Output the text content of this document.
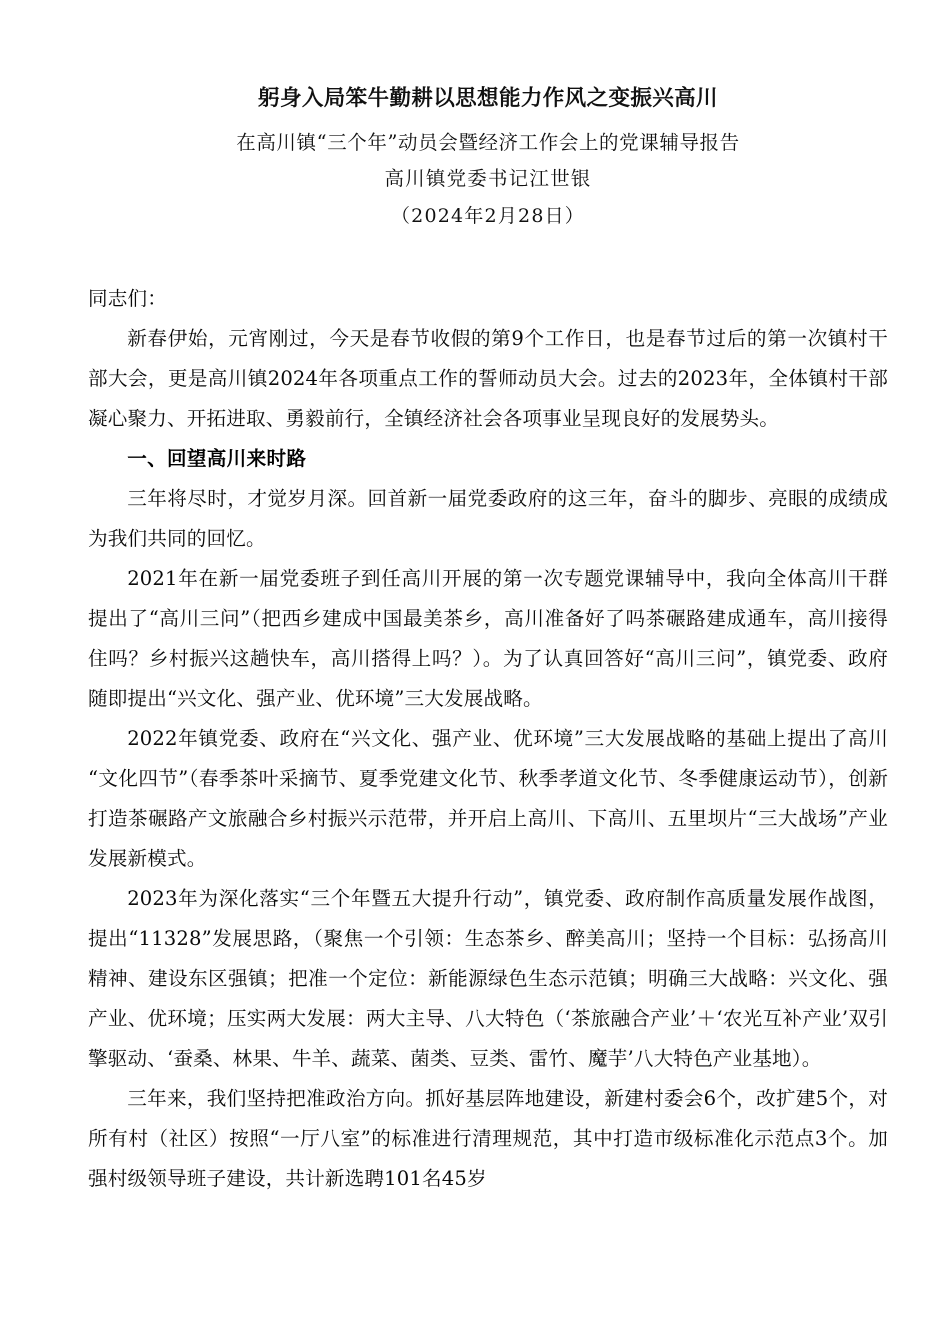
躬身入局笨牛勤耕以思想能力作风之变振兴高川

在高川镇“三个年”动员会暨经济工作会上的党课辅导报告

高川镇党委书记江世银

（2024年2月28日）

同志们：

新春伊始，元宵刚过，今天是春节收假的第9个工作日，也是春节过后的第一次镇村干部大会，更是高川镇2024年各项重点工作的誓师动员大会。过去的2023年，全体镇村干部凝心聚力、开拓进取、勇毅前行，全镇经济社会各项事业呈现良好的发展势头。

一、回望高川来时路

三年将尽时，才觉岁月深。回首新一届党委政府的这三年，奋斗的脚步、亮眼的成绩成为我们共同的回忆。

2021年在新一届党委班子到任高川开展的第一次专题党课辅导中，我向全体高川干群提出了“高川三问”（把西乡建成中国最美茶乡，高川准备好了吗茶碾路建成通车，高川接得住吗？乡村振兴这趟快车，高川搭得上吗？）。为了认真回答好“高川三问”，镇党委、政府随即提出“兴文化、强产业、优环境”三大发展战略。

2022年镇党委、政府在“兴文化、强产业、优环境”三大发展战略的基础上提出了高川“文化四节”（春季茶叶采摘节、夏季党建文化节、秋季孝道文化节、冬季健康运动节），创新打造茶碾路产文旅融合乡村振兴示范带，并开启上高川、下高川、五里坝片“三大战场”产业发展新模式。

2023年为深化落实“三个年暨五大提升行动”，镇党委、政府制作高质量发展作战图，提出“11328”发展思路，（聚焦一个引领：生态茶乡、醉美高川；坚持一个目标：弘扬高川精神、建设东区强镇；把准一个定位：新能源绿色生态示范镇；明确三大战略：兴文化、强产业、优环境；压实两大发展：两大主导、八大特色（‘茶旅融合产业’＋‘农光互补产业’双引擎驱动、‘蚕桑、林果、牛羊、蔬菜、菌类、豆类、雷竹、魔芋’八大特色产业基地）。

三年来，我们坚持把准政治方向。抓好基层阵地建设，新建村委会6个，改扩建5个，对所有村（社区）按照“一厅八室”的标准进行清理规范，其中打造市级标准化示范点3个。加强村级领导班子建设，共计新选聘101名45岁
